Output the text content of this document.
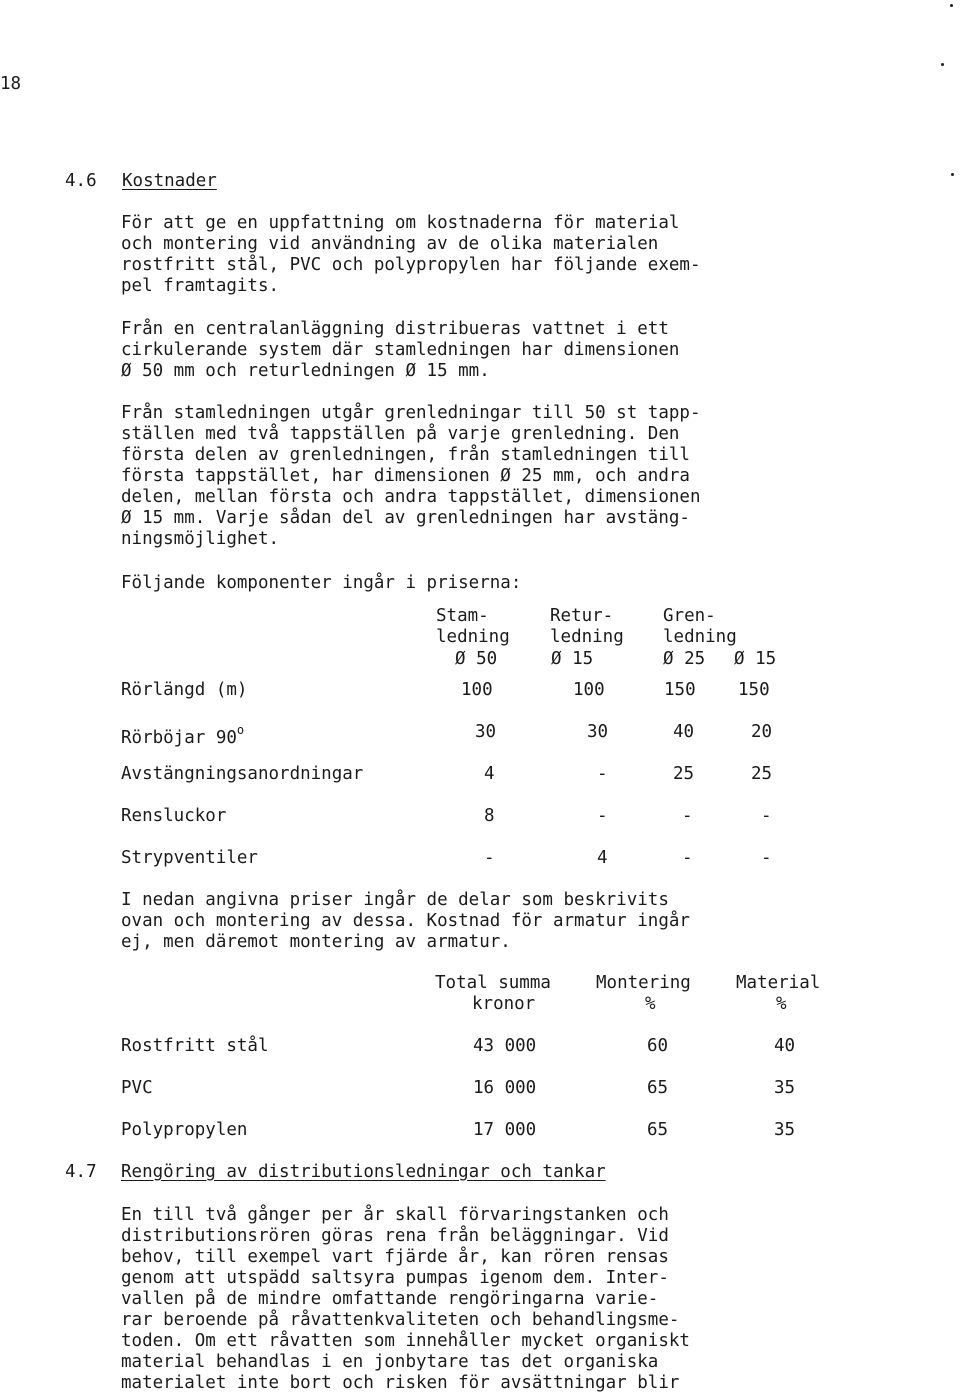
18
4.6 Kostnader
För att ge en uppfattning om kostnaderna för material
och montering vid användning av de olika materialen
rostfritt stål, PVC och polypropylen har följande exem-
pel framtagits.
Från en centralanläggning distribueras vattnet i ett
cirkulerande system där stamledningen har dimensionen
Ø 50 mm och returledningen Ø 15 mm.
Från stamledningen utgår grenledningar till 50 st tapp-
ställen med två tappställen på varje grenledning. Den
första delen av grenledningen, från stamledningen till
första tappstället, har dimensionen Ø 25 mm, och andra
delen, mellan första och andra tappstället, dimensionen
Ø 15 mm. Varje sådan del av grenledningen har avstäng-
ningsmöjlighet.
Följande komponenter ingår i priserna:
Stam-	Retur-	Gren-
ledning ledning ledning
Ø 50	Ø 15	Ø 25 Ø 15
Rörlängd (m)	100	100	150 150
Rörböjar 90$^o$	30	30	40	20
Avstängningsanordningar	4	-	25	25
Rensluckor	8	-	-	-
Strypventiler	-	4	-	-
I nedan angivna priser ingår de delar som beskrivits
ovan och montering av dessa. Kostnad för armatur ingår
ej, men däremot montering av armatur.
Total summa	Montering	Material
kronor	%	%
Rostfritt stål	43 000	60	40
PVC	16 000	65	35
Polypropylen	17 000	65	35
4.7 Rengöring av distributionsledningar och tankar
En till två gånger per år skall förvaringstanken och
distributionsrören göras rena från beläggningar. Vid
behov, till exempel vart fjärde år, kan rören rensas
genom att utspädd saltsyra pumpas igenom dem. Inter-
vallen på de mindre omfattande rengöringarna varie-
rar beroende på råvattenkvaliteten och behandlingsme-
toden. Om ett råvatten som innehåller mycket organiskt
material behandlas i en jonbytare tas det organiska
materialet inte bort och risken för avsättningar blir
